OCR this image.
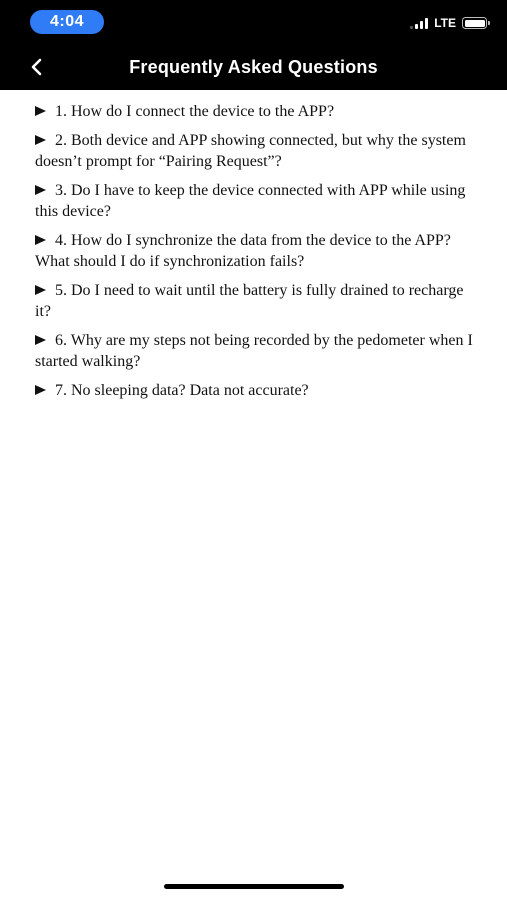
4:04	LTE
Frequently Asked Questions
1. How do I connect the device to the APP?
2. Both device and APP showing connected, but why the system doesn’t prompt for “Pairing Request”?
3. Do I have to keep the device connected with APP while using this device?
4. How do I synchronize the data from the device to the APP? What should I do if synchronization fails?
5. Do I need to wait until the battery is fully drained to recharge it?
6. Why are my steps not being recorded by the pedometer when I started walking?
7. No sleeping data? Data not accurate?
